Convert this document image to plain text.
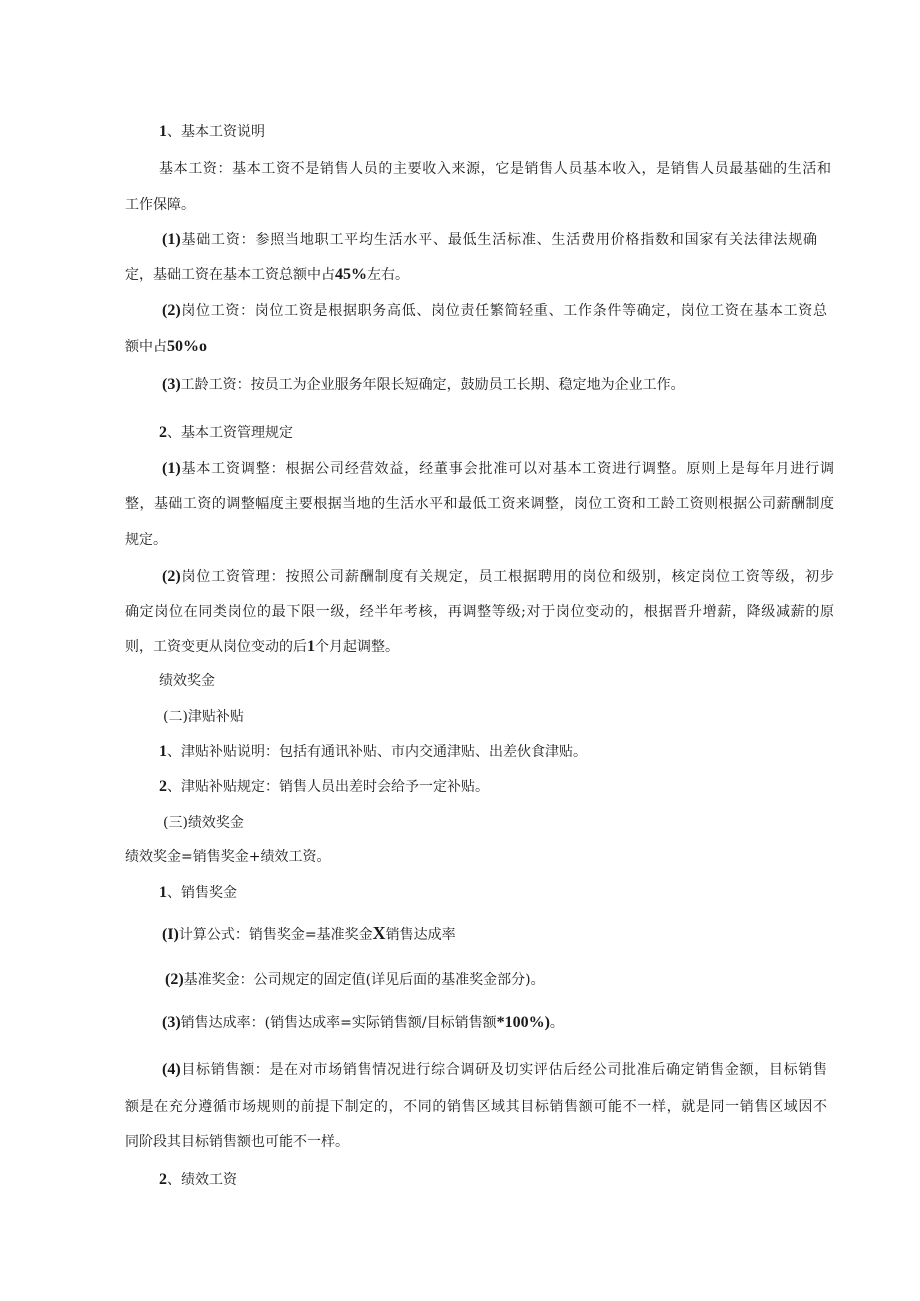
1、基本工资说明
基本工资：基本工资不是销售人员的主要收入来源，它是销售人员基本收入，是销售人员最基础的生活和
工作保障。
(1)基础工资：参照当地职工平均生活水平、最低生活标准、生活费用价格指数和国家有关法律法规确
定，基础工资在基本工资总额中占45%左右。
(2)岗位工资：岗位工资是根据职务高低、岗位责任繁简轻重、工作条件等确定，岗位工资在基本工资总
额中占50%o
(3)工龄工资：按员工为企业服务年限长短确定，鼓励员工长期、稳定地为企业工作。
2、基本工资管理规定
(1)基本工资调整：根据公司经营效益，经董事会批准可以对基本工资进行调整。原则上是每年月进行调
整，基础工资的调整幅度主要根据当地的生活水平和最低工资来调整，岗位工资和工龄工资则根据公司薪酬制度
规定。
(2)岗位工资管理：按照公司薪酬制度有关规定，员工根据聘用的岗位和级别，核定岗位工资等级，初步
确定岗位在同类岗位的最下限一级，经半年考核，再调整等级;对于岗位变动的，根据晋升增薪，降级减薪的原
则，工资变更从岗位变动的后1个月起调整。
绩效奖金
(二)津贴补贴
1、津贴补贴说明：包括有通讯补贴、市内交通津贴、出差伙食津贴。
2、津贴补贴规定：销售人员出差时会给予一定补贴。
(三)绩效奖金
绩效奖金=销售奖金+绩效工资。
1、销售奖金
(I)计算公式：销售奖金=基准奖金X销售达成率
(2)基准奖金：公司规定的固定值(详见后面的基准奖金部分)。
(3)销售达成率：(销售达成率=实际销售额/目标销售额*100%)。
(4)目标销售额：是在对市场销售情况进行综合调研及切实评估后经公司批准后确定销售金额，目标销售
额是在充分遵循市场规则的前提下制定的，不同的销售区域其目标销售额可能不一样，就是同一销售区域因不
同阶段其目标销售额也可能不一样。
2、绩效工资
